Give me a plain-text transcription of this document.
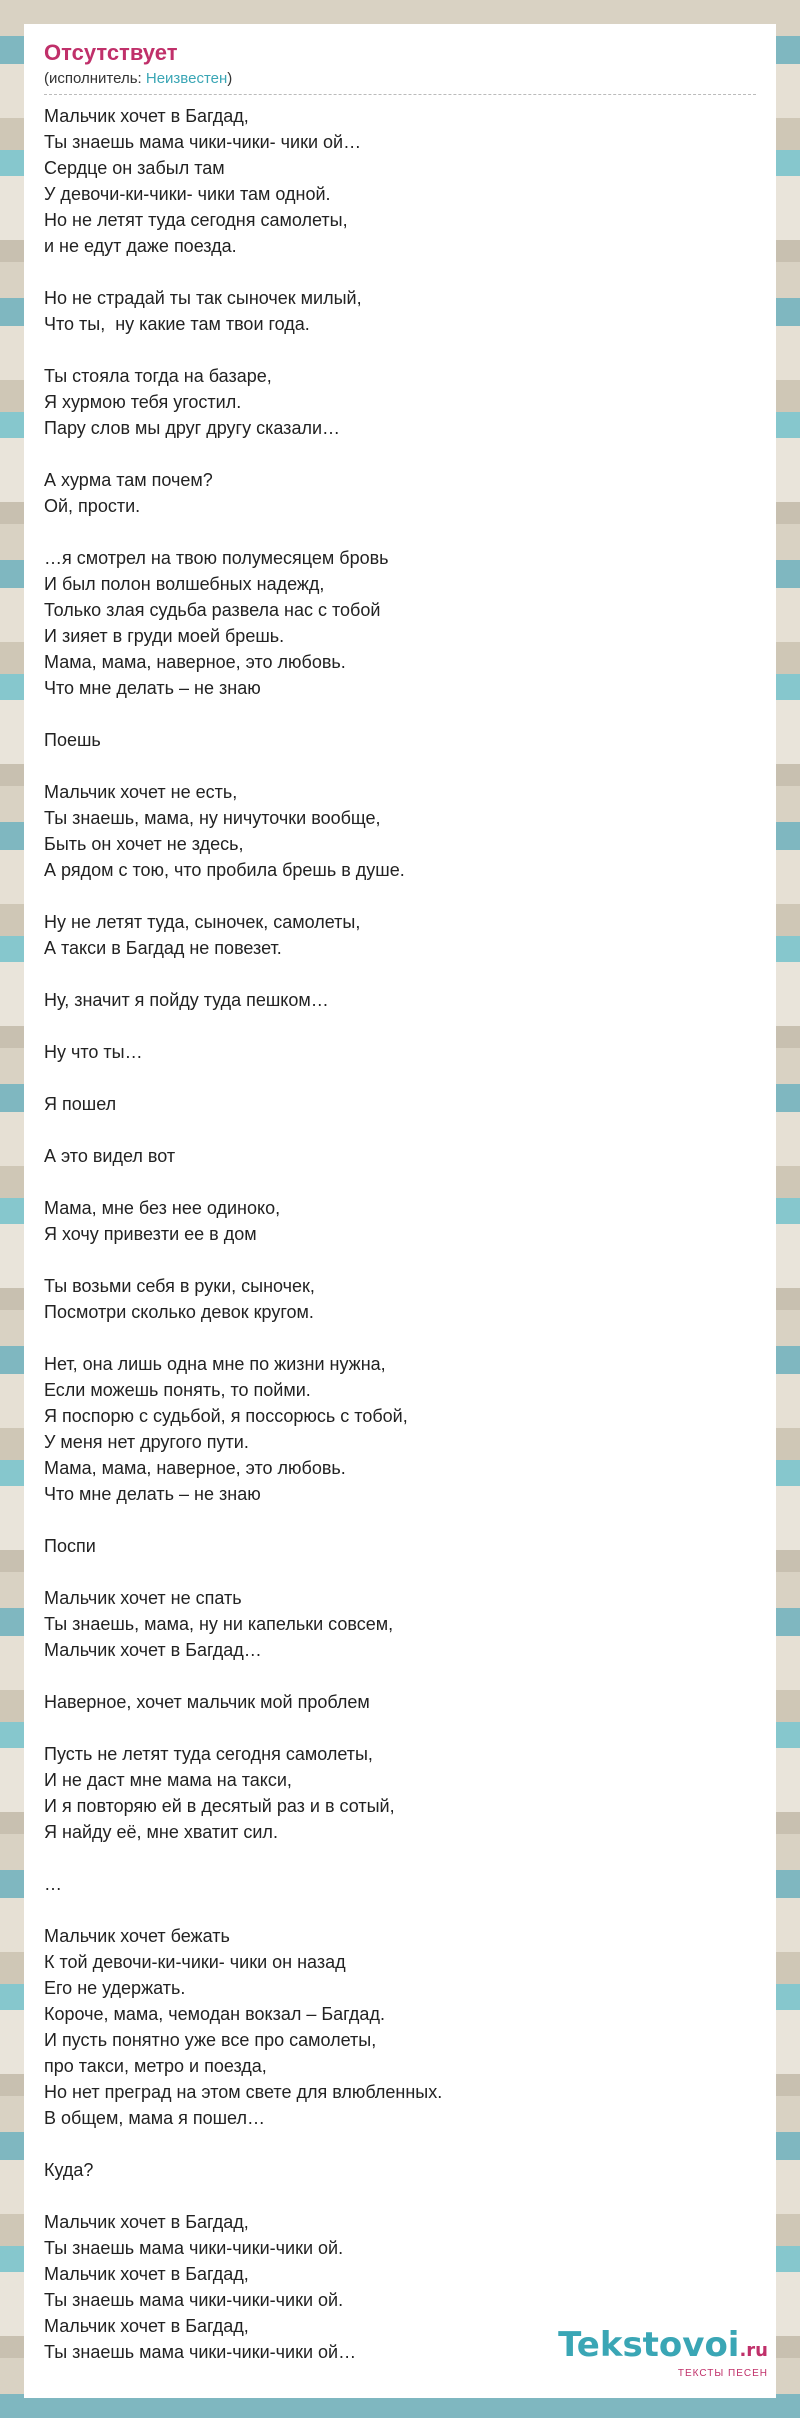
Отсутствует
(исполнитель: Неизвестен)
Мальчик хочет в Багдад,
Ты знаешь мама чики-чики- чики ой…
Сердце он забыл там
У девочи-ки-чики- чики там одной.
Но не летят туда сегодня самолеты,
и не едут даже поезда.
Но не страдай ты так сыночек милый,
Что ты,  ну какие там твои года.
Ты стояла тогда на базаре,
Я хурмою тебя угостил.
Пару слов мы друг другу сказали…
А хурма там почем?
Ой, прости.
…я смотрел на твою полумесяцем бровь
И был полон волшебных надежд,
Только злая судьба развела нас с тобой
И зияет в груди моей брешь.
Мама, мама, наверное, это любовь.
Что мне делать – не знаю
Поешь
Мальчик хочет не есть,
Ты знаешь, мама, ну ничуточки вообще,
Быть он хочет не здесь,
А рядом с тою, что пробила брешь в душе.
Ну не летят туда, сыночек, самолеты,
А такси в Багдад не повезет.
Ну, значит я пойду туда пешком…
Ну что ты…
Я пошел
А это видел вот
Мама, мне без нее одиноко,
Я хочу привезти ее в дом
Ты возьми себя в руки, сыночек,
Посмотри сколько девок кругом.
Нет, она лишь одна мне по жизни нужна,
Если можешь понять, то пойми.
Я поспорю с судьбой, я поссорюсь с тобой,
У меня нет другого пути.
Мама, мама, наверное, это любовь.
Что мне делать – не знаю
Поспи
Мальчик хочет не спать
Ты знаешь, мама, ну ни капельки совсем,
Мальчик хочет в Багдад…
Наверное, хочет мальчик мой проблем
Пусть не летят туда сегодня самолеты,
И не даст мне мама на такси,
И я повторяю ей в десятый раз и в сотый,
Я найду её, мне хватит сил.
…
Мальчик хочет бежать
К той девочи-ки-чики- чики он назад
Его не удержать.
Короче, мама, чемодан вокзал – Багдад.
И пусть понятно уже все про самолеты,
про такси, метро и поезда,
Но нет преград на этом свете для влюбленных.
В общем, мама я пошел…
Куда?
Мальчик хочет в Багдад,
Ты знаешь мама чики-чики-чики ой.
Мальчик хочет в Багдад,
Ты знаешь мама чики-чики-чики ой.
Мальчик хочет в Багдад,
Ты знаешь мама чики-чики-чики ой…	Tekstovoi.ru
ТЕКСТЫ ПЕСЕН
